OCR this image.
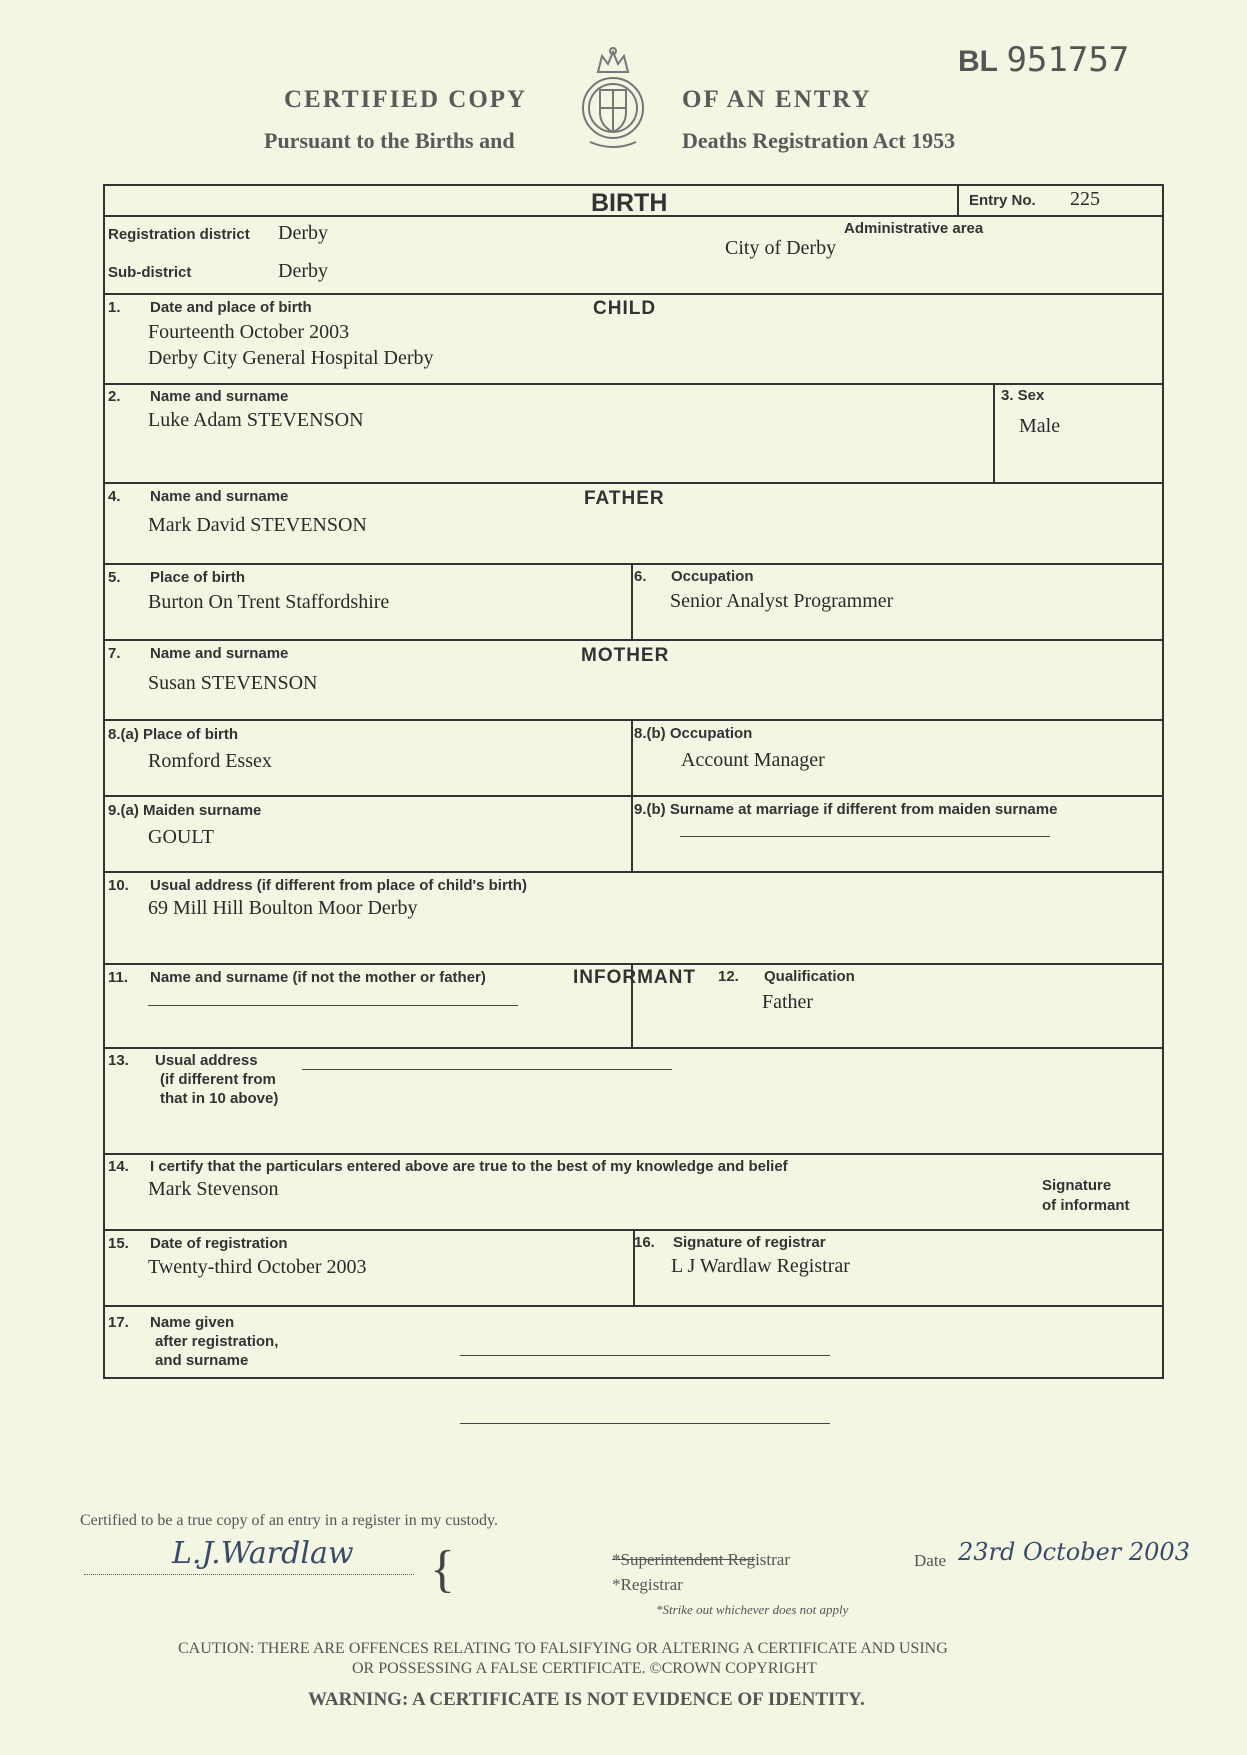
BL 951757
CERTIFIED COPY
Pursuant to the Births and
OF AN ENTRY
Deaths Registration Act 1953
BIRTH	Entry No. 225
Registration district Derby
Sub-district	Derby
Administrative area
City of Derby
CHILD
1. Date and place of birth
Fourteenth October 2003
Derby City General Hospital Derby
2. Name and surname
Luke Adam STEVENSON
3. Sex
Male
FATHER
4. Name and surname
Mark David STEVENSON
5. Place of birth
Burton On Trent Staffordshire
6. Occupation
Senior Analyst Programmer
MOTHER
7. Name and surname
Susan STEVENSON
8.(a) Place of birth
Romford Essex
8.(b) Occupation
Account Manager
9.(a) Maiden surname
GOULT
9.(b) Surname at marriage if different from maiden surname
10. Usual address (if different from place of child's birth)
69 Mill Hill Boulton Moor Derby
11. Name and surname (if not the mother or father)	INFORMANT 12. Qualification
Father
13. Usual address
(if different from
that in 10 above)
14. I certify that the particulars entered above are true to the best of my knowledge and belief
Mark Stevenson	Signature
of informant
15. Date of registration
Twenty-third October 2003
16. Signature of registrar
L J Wardlaw Registrar
17. Name given
after registration,
and surname
Certified to be a true copy of an entry in a register in my custody.
L.J.Wardlaw {	*Superintendent Registrar
*Registrar
*Strike out whichever does not apply
Date 23rd October 2003
CAUTION: THERE ARE OFFENCES RELATING TO FALSIFYING OR ALTERING A CERTIFICATE AND USING
OR POSSESSING A FALSE CERTIFICATE. ©CROWN COPYRIGHT
WARNING: A CERTIFICATE IS NOT EVIDENCE OF IDENTITY.
